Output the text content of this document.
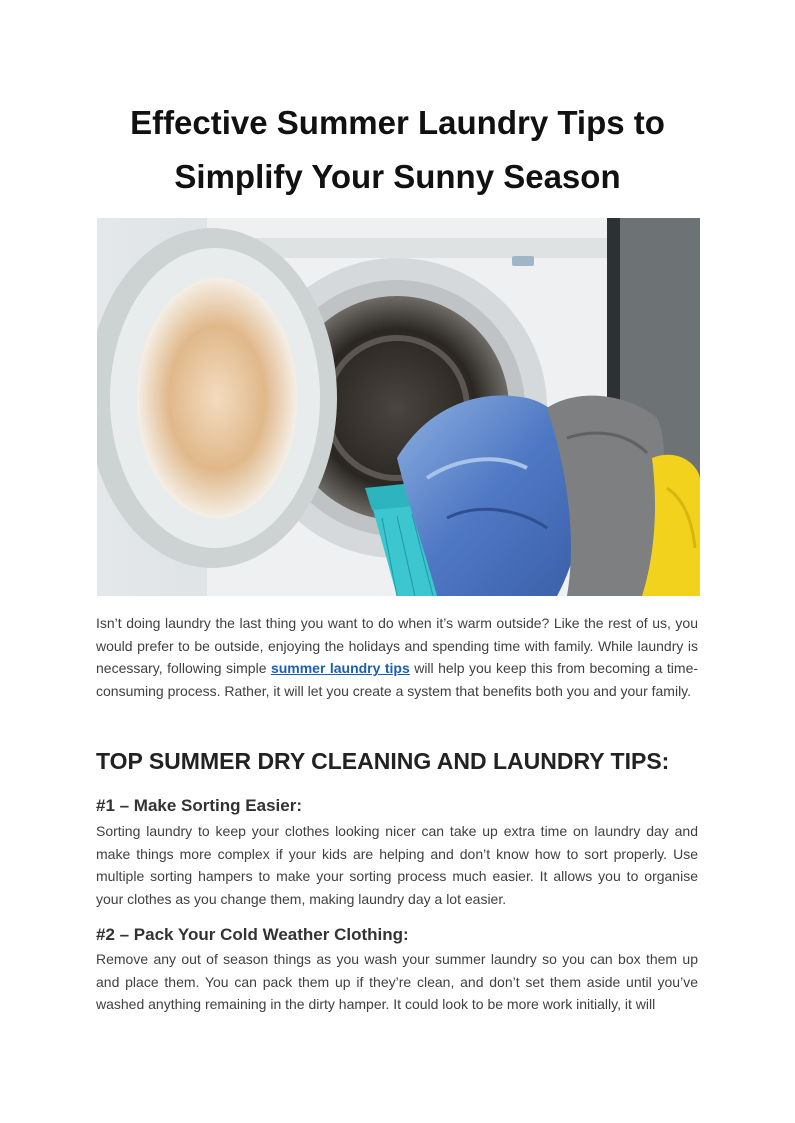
Effective Summer Laundry Tips to
Simplify Your Sunny Season

Isn’t doing laundry the last thing you want to do when it’s warm outside? Like the rest of us, you would prefer to be outside, enjoying the holidays and spending time with family. While laundry is necessary, following simple summer laundry tips will help you keep this from becoming a time-consuming process. Rather, it will let you create a system that benefits both you and your family.

TOP SUMMER DRY CLEANING AND LAUNDRY TIPS:
#1 – Make Sorting Easier:

Sorting laundry to keep your clothes looking nicer can take up extra time on laundry day and make things more complex if your kids are helping and don’t know how to sort properly. Use multiple sorting hampers to make your sorting process much easier. It allows you to organise your clothes as you change them, making laundry day a lot easier.

#2 – Pack Your Cold Weather Clothing:

Remove any out of season things as you wash your summer laundry so you can box them up and place them. You can pack them up if they’re clean, and don’t set them aside until you’ve washed anything remaining in the dirty hamper. It could look to be more work initially, it will
